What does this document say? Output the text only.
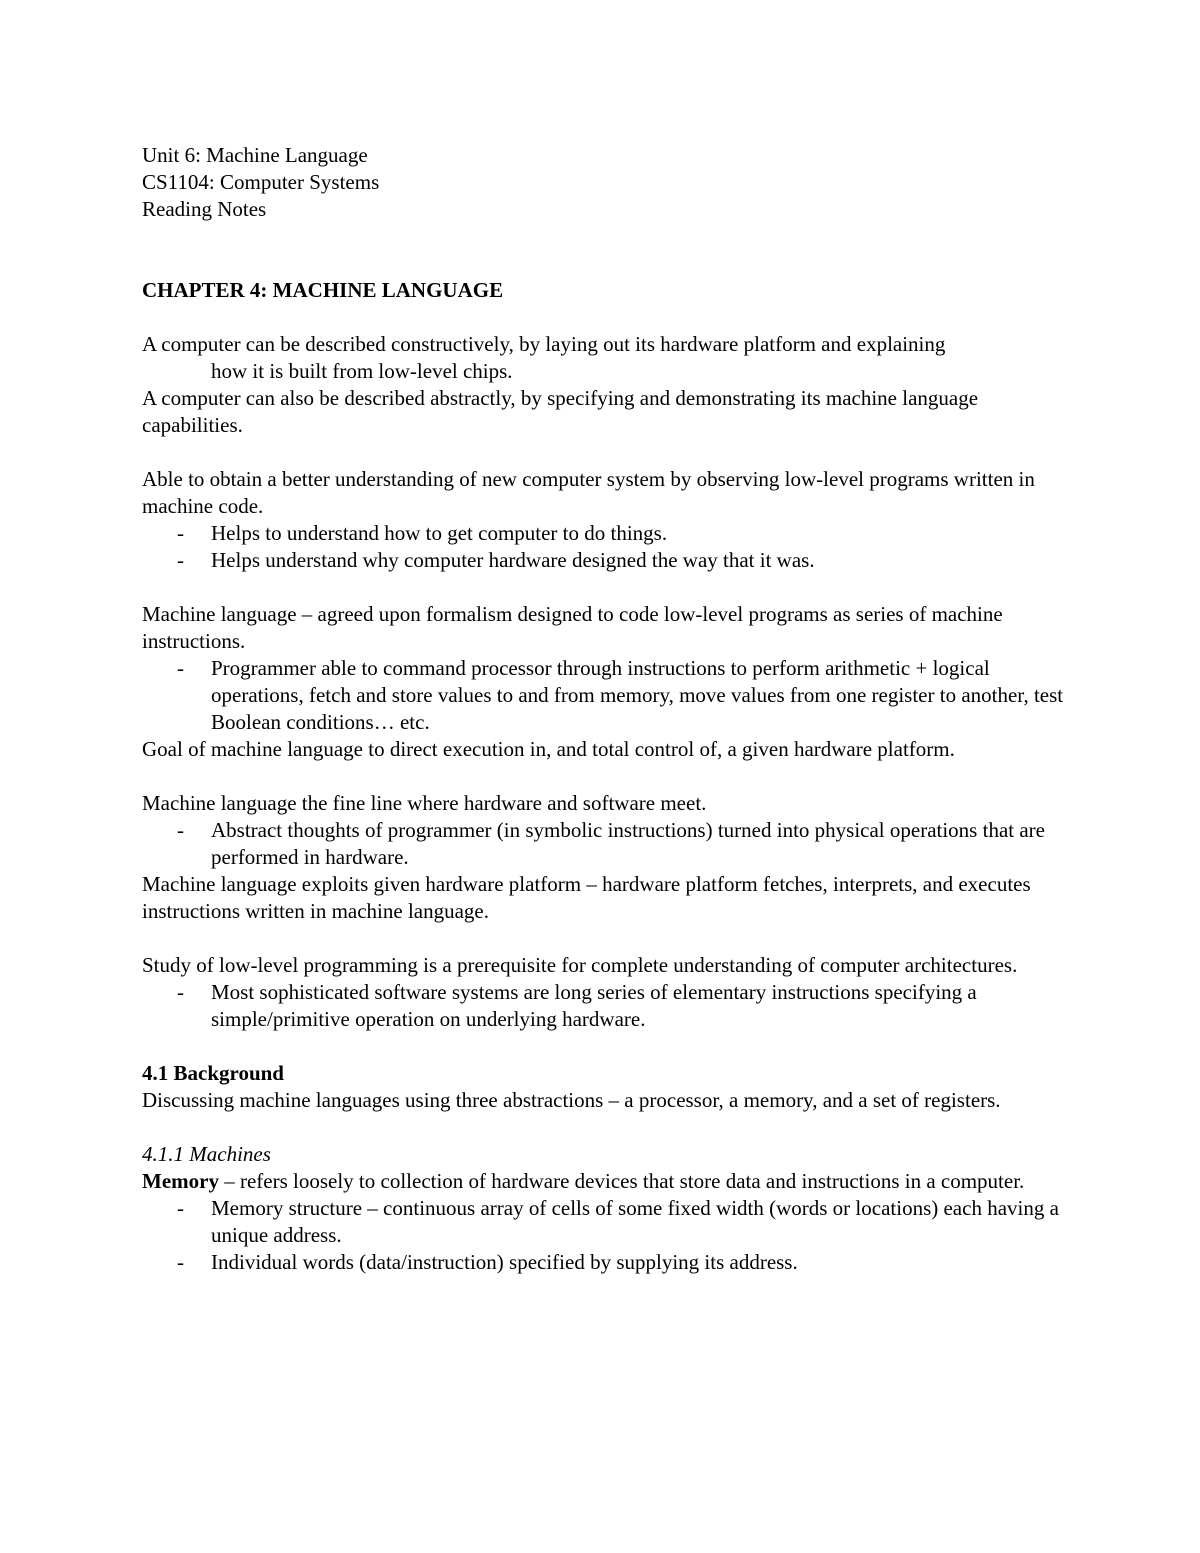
Unit 6: Machine Language

CS1104: Computer Systems

Reading Notes

CHAPTER 4: MACHINE LANGUAGE

A computer can be described constructively, by laying out its hardware platform and explaining

how it is built from low-level chips.

A computer can also be described abstractly, by specifying and demonstrating its machine language capabilities.

Able to obtain a better understanding of new computer system by observing low-level programs written in machine code.

- Helps to understand how to get computer to do things.
- Helps understand why computer hardware designed the way that it was.

Machine language – agreed upon formalism designed to code low-level programs as series of machine instructions.

- Programmer able to command processor through instructions to perform arithmetic + logical operations, fetch and store values to and from memory, move values from one register to another, test Boolean conditions… etc.

Goal of machine language to direct execution in, and total control of, a given hardware platform.

Machine language the fine line where hardware and software meet.

- Abstract thoughts of programmer (in symbolic instructions) turned into physical operations that are performed in hardware.

Machine language exploits given hardware platform – hardware platform fetches, interprets, and executes instructions written in machine language.

Study of low-level programming is a prerequisite for complete understanding of computer architectures.

- Most sophisticated software systems are long series of elementary instructions specifying a simple/primitive operation on underlying hardware.

4.1 Background

Discussing machine languages using three abstractions – a processor, a memory, and a set of registers.

4.1.1 Machines

Memory – refers loosely to collection of hardware devices that store data and instructions in a computer.

- Memory structure – continuous array of cells of some fixed width (words or locations) each having a unique address.
- Individual words (data/instruction) specified by supplying its address.
